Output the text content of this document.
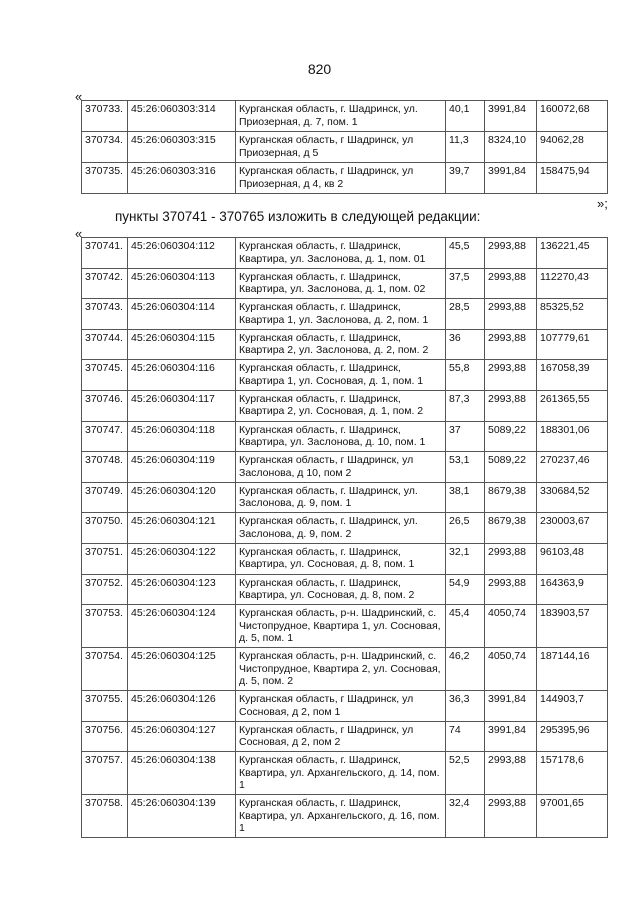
820
«
370733.	45:26:060303:314	Курганская область, г. Шадринск, ул. Приозерная, д. 7, пом. 1	40,1	3991,84	160072,68
370734.	45:26:060303:315	Курганская область, г Шадринск, ул Приозерная, д 5	11,3	8324,10	94062,28
370735.	45:26:060303:316	Курганская область, г Шадринск, ул Приозерная, д 4, кв 2	39,7	3991,84	158475,94
»;
пункты 370741 - 370765 изложить в следующей редакции:
«
370741.	45:26:060304:112	Курганская область, г. Шадринск, Квартира, ул. Заслонова, д. 1, пом. 01	45,5	2993,88	136221,45
370742.	45:26:060304:113	Курганская область, г. Шадринск, Квартира, ул. Заслонова, д. 1, пом. 02	37,5	2993,88	112270,43
370743.	45:26:060304:114	Курганская область, г. Шадринск, Квартира 1, ул. Заслонова, д. 2, пом. 1	28,5	2993,88	85325,52
370744.	45:26:060304:115	Курганская область, г. Шадринск, Квартира 2, ул. Заслонова, д. 2, пом. 2	36	2993,88	107779,61
370745.	45:26:060304:116	Курганская область, г. Шадринск, Квартира 1, ул. Сосновая, д. 1, пом. 1	55,8	2993,88	167058,39
370746.	45:26:060304:117	Курганская область, г. Шадринск, Квартира 2, ул. Сосновая, д. 1, пом. 2	87,3	2993,88	261365,55
370747.	45:26:060304:118	Курганская область, г. Шадринск, Квартира, ул. Заслонова, д. 10, пом. 1	37	5089,22	188301,06
370748.	45:26:060304:119	Курганская область, г Шадринск, ул Заслонова, д 10, пом 2	53,1	5089,22	270237,46
370749.	45:26:060304:120	Курганская область, г. Шадринск, ул. Заслонова, д. 9, пом. 1	38,1	8679,38	330684,52
370750.	45:26:060304:121	Курганская область, г. Шадринск, ул. Заслонова, д. 9, пом. 2	26,5	8679,38	230003,67
370751.	45:26:060304:122	Курганская область, г. Шадринск, Квартира, ул. Сосновая, д. 8, пом. 1	32,1	2993,88	96103,48
370752.	45:26:060304:123	Курганская область, г. Шадринск, Квартира, ул. Сосновая, д. 8, пом. 2	54,9	2993,88	164363,9
370753.	45:26:060304:124	Курганская область, р-н. Шадринский, с. Чистопрудное, Квартира 1, ул. Сосновая, д. 5, пом. 1	45,4	4050,74	183903,57
370754.	45:26:060304:125	Курганская область, р-н. Шадринский, с. Чистопрудное, Квартира 2, ул. Сосновая, д. 5, пом. 2	46,2	4050,74	187144,16
370755.	45:26:060304:126	Курганская область, г Шадринск, ул Сосновая, д 2, пом 1	36,3	3991,84	144903,7
370756.	45:26:060304:127	Курганская область, г Шадринск, ул Сосновая, д 2, пом 2	74	3991,84	295395,96
370757.	45:26:060304:138	Курганская область, г. Шадринск, Квартира, ул. Архангельского, д. 14, пом. 1	52,5	2993,88	157178,6
370758.	45:26:060304:139	Курганская область, г. Шадринск, Квартира, ул. Архангельского, д. 16, пом. 1	32,4	2993,88	97001,65
